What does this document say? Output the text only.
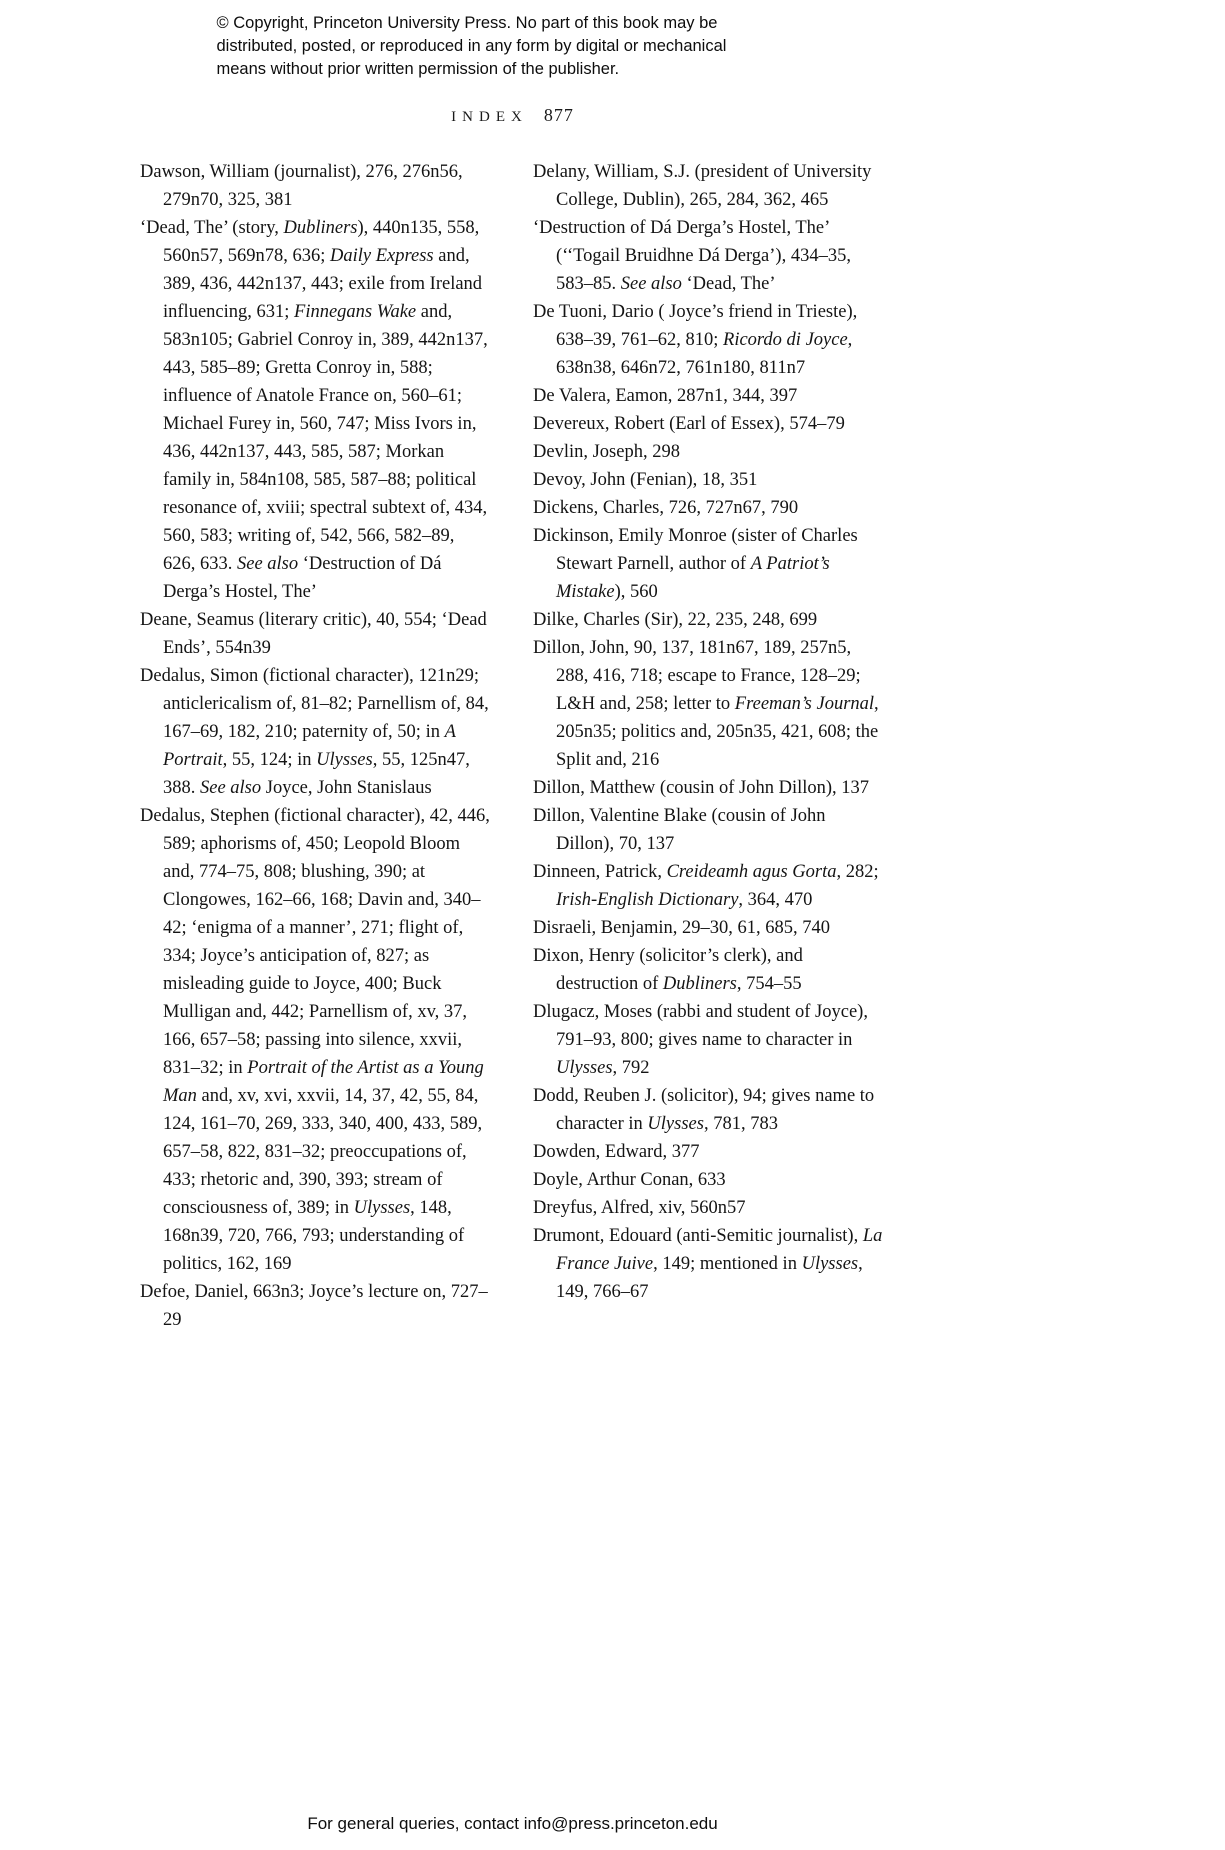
© Copyright, Princeton University Press. No part of this book may be
distributed, posted, or reproduced in any form by digital or mechanical
means without prior written permission of the publisher.
INDEX 877

Dawson, William (journalist), 276, 276n56, 279n70, 325, 381

‘Dead, The’ (story, Dubliners), 440n135, 558, 560n57, 569n78, 636; Daily Express and, 389, 436, 442n137, 443; exile from Ireland influencing, 631; Finnegans Wake and, 583n105; Gabriel Conroy in, 389, 442n137, 443, 585–89; Gretta Conroy in, 588; influence of Anatole France on, 560–61; Michael Furey in, 560, 747; Miss Ivors in, 436, 442n137, 443, 585, 587; Morkan family in, 584n108, 585, 587–88; political resonance of, xviii; spectral subtext of, 434, 560, 583; writing of, 542, 566, 582–89, 626, 633. See also ‘Destruction of Dá Derga’s Hostel, The’

Deane, Seamus (literary critic), 40, 554; ‘Dead Ends’, 554n39

Dedalus, Simon (fictional character), 121n29; anticlericalism of, 81–82; Parnellism of, 84, 167–69, 182, 210; paternity of, 50; in A Portrait, 55, 124; in Ulysses, 55, 125n47, 388. See also Joyce, John Stanislaus

Dedalus, Stephen (fictional character), 42, 446, 589; aphorisms of, 450; Leopold Bloom and, 774–75, 808; blushing, 390; at Clongowes, 162–66, 168; Davin and, 340–42; ‘enigma of a manner’, 271; flight of, 334; Joyce’s anticipation of, 827; as misleading guide to Joyce, 400; Buck Mulligan and, 442; Parnellism of, xv, 37, 166, 657–58; passing into silence, xxvii, 831–32; in Portrait of the Artist as a Young Man and, xv, xvi, xxvii, 14, 37, 42, 55, 84, 124, 161–70, 269, 333, 340, 400, 433, 589, 657–58, 822, 831–32; preoccupations of, 433; rhetoric and, 390, 393; stream of consciousness of, 389; in Ulysses, 148, 168n39, 720, 766, 793; understanding of politics, 162, 169

Defoe, Daniel, 663n3; Joyce’s lecture on, 727–29

Delany, William, S.J. (president of University College, Dublin), 265, 284, 362, 465

‘Destruction of Dá Derga’s Hostel, The’ (‘‘Togail Bruidhne Dá Derga’), 434–35, 583–85. See also ‘Dead, The’

De Tuoni, Dario ( Joyce’s friend in Trieste), 638–39, 761–62, 810; Ricordo di Joyce, 638n38, 646n72, 761n180, 811n7

De Valera, Eamon, 287n1, 344, 397

Devereux, Robert (Earl of Essex), 574–79

Devlin, Joseph, 298

Devoy, John (Fenian), 18, 351

Dickens, Charles, 726, 727n67, 790

Dickinson, Emily Monroe (sister of Charles Stewart Parnell, author of A Patriot’s Mistake), 560

Dilke, Charles (Sir), 22, 235, 248, 699

Dillon, John, 90, 137, 181n67, 189, 257n5, 288, 416, 718; escape to France, 128–29; L&H and, 258; letter to Freeman’s Journal, 205n35; politics and, 205n35, 421, 608; the Split and, 216

Dillon, Matthew (cousin of John Dillon), 137

Dillon, Valentine Blake (cousin of John Dillon), 70, 137

Dinneen, Patrick, Creideamh agus Gorta, 282; Irish-English Dictionary, 364, 470

Disraeli, Benjamin, 29–30, 61, 685, 740

Dixon, Henry (solicitor’s clerk), and destruction of Dubliners, 754–55

Dlugacz, Moses (rabbi and student of Joyce), 791–93, 800; gives name to character in Ulysses, 792

Dodd, Reuben J. (solicitor), 94; gives name to character in Ulysses, 781, 783

Dowden, Edward, 377

Doyle, Arthur Conan, 633

Dreyfus, Alfred, xiv, 560n57

Drumont, Edouard (anti-Semitic journalist), La France Juive, 149; mentioned in Ulysses, 149, 766–67

For general queries, contact info@press.princeton.edu
